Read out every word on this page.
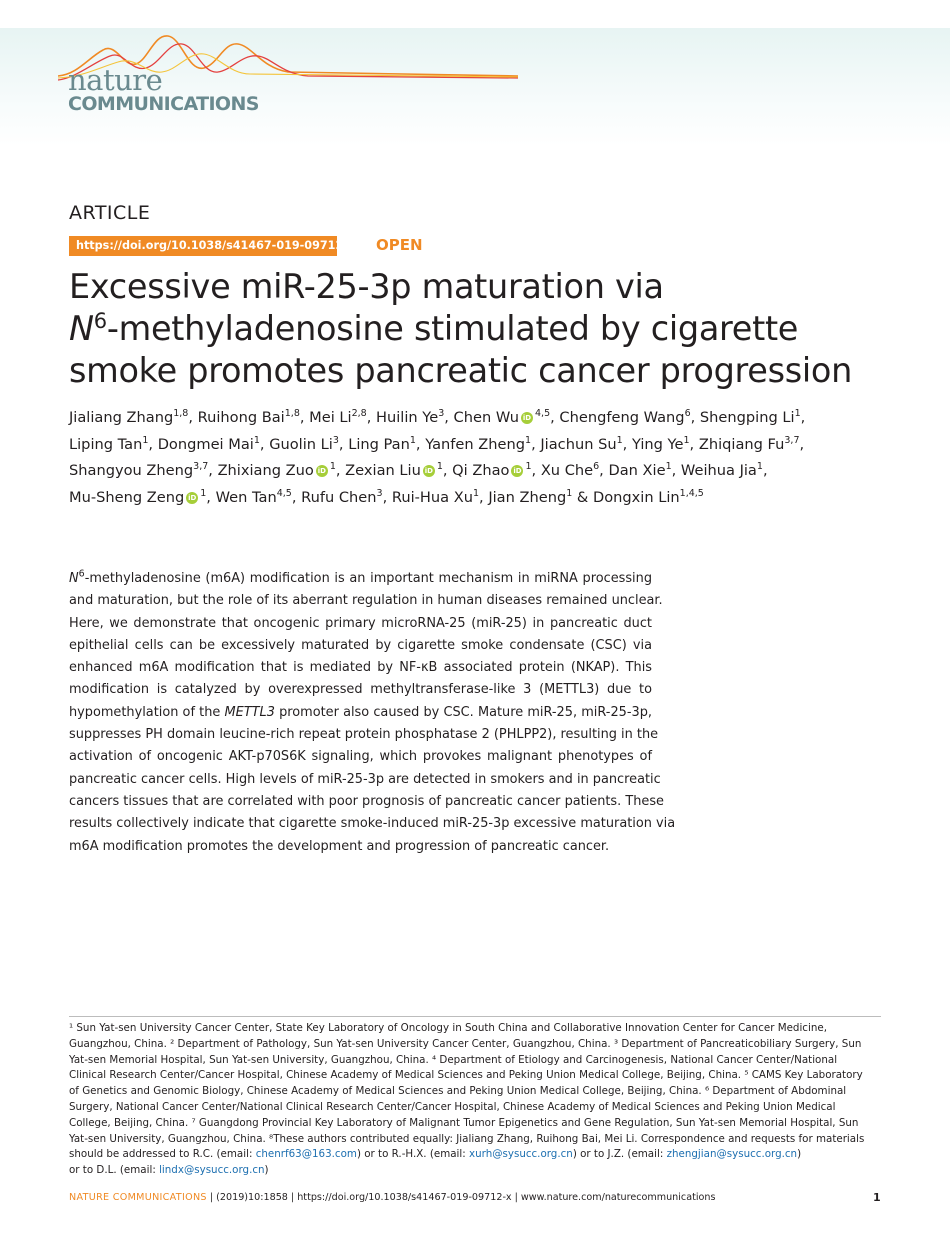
nature
COMMUNICATIONS
ARTICLE
https://doi.org/10.1038/s41467-019-09712-x OPEN
Excessive miR-25-3p maturation via
$N^6$-methyladenosine stimulated by cigarette
smoke promotes pancreatic cancer progression
Jialiang Zhang$^{1,8}$, Ruihong Bai$^{1,8}$, Mei Li$^{2,8}$, Huilin Ye$^3$, Chen Wu iD $^{4,5}$, Chengfeng Wang$^6$, Shengping Li$^1$,
Liping Tan$^1$, Dongmei Mai$^1$, Guolin Li$^3$, Ling Pan$^1$, Yanfen Zheng$^1$, Jiachun Su$^1$, Ying Ye$^1$, Zhiqiang Fu$^{3,7}$,
Shangyou Zheng$^{3,7}$, Zhixiang Zuo iD $^1$, Zexian Liu iD $^1$, Qi Zhao iD $^1$, Xu Che$^6$, Dan Xie$^1$, Weihua Jia$^1$,
Mu-Sheng Zeng iD $^1$, Wen Tan$^{4,5}$, Rufu Chen$^3$, Rui-Hua Xu$^1$, Jian Zheng$^1$ & Dongxin Lin$^{1,4,5}$
$N^6$-methyladenosine (m6A) modification is an important mechanism in miRNA processing
and maturation, but the role of its aberrant regulation in human diseases remained unclear.
Here, we demonstrate that oncogenic primary microRNA-25 (miR-25) in pancreatic duct
epithelial cells can be excessively maturated by cigarette smoke condensate (CSC) via
enhanced m6A modification that is mediated by NF-κB associated protein (NKAP). This
modification is catalyzed by overexpressed methyltransferase-like 3 (METTL3) due to
hypomethylation of the METTL3 promoter also caused by CSC. Mature miR-25, miR-25-3p,
suppresses PH domain leucine-rich repeat protein phosphatase 2 (PHLPP2), resulting in the
activation of oncogenic AKT-p70S6K signaling, which provokes malignant phenotypes of
pancreatic cancer cells. High levels of miR-25-3p are detected in smokers and in pancreatic
cancers tissues that are correlated with poor prognosis of pancreatic cancer patients. These
results collectively indicate that cigarette smoke-induced miR-25-3p excessive maturation via
m6A modification promotes the development and progression of pancreatic cancer.
¹ Sun Yat-sen University Cancer Center, State Key Laboratory of Oncology in South China and Collaborative Innovation Center for Cancer Medicine,
Guangzhou, China. ² Department of Pathology, Sun Yat-sen University Cancer Center, Guangzhou, China. ³ Department of Pancreaticobiliary Surgery, Sun
Yat-sen Memorial Hospital, Sun Yat-sen University, Guangzhou, China. ⁴ Department of Etiology and Carcinogenesis, National Cancer Center/National
Clinical Research Center/Cancer Hospital, Chinese Academy of Medical Sciences and Peking Union Medical College, Beijing, China. ⁵ CAMS Key Laboratory
of Genetics and Genomic Biology, Chinese Academy of Medical Sciences and Peking Union Medical College, Beijing, China. ⁶ Department of Abdominal
Surgery, National Cancer Center/National Clinical Research Center/Cancer Hospital, Chinese Academy of Medical Sciences and Peking Union Medical
College, Beijing, China. ⁷ Guangdong Provincial Key Laboratory of Malignant Tumor Epigenetics and Gene Regulation, Sun Yat-sen Memorial Hospital, Sun
Yat-sen University, Guangzhou, China. ⁸These authors contributed equally: Jialiang Zhang, Ruihong Bai, Mei Li. Correspondence and requests for materials
should be addressed to R.C. (email: chenrf63@163.com) or to R.-H.X. (email: xurh@sysucc.org.cn) or to J.Z. (email: zhengjian@sysucc.org.cn)
or to D.L. (email: lindx@sysucc.org.cn)
NATURE COMMUNICATIONS | (2019)10:1858 | https://doi.org/10.1038/s41467-019-09712-x | www.nature.com/naturecommunications	1
